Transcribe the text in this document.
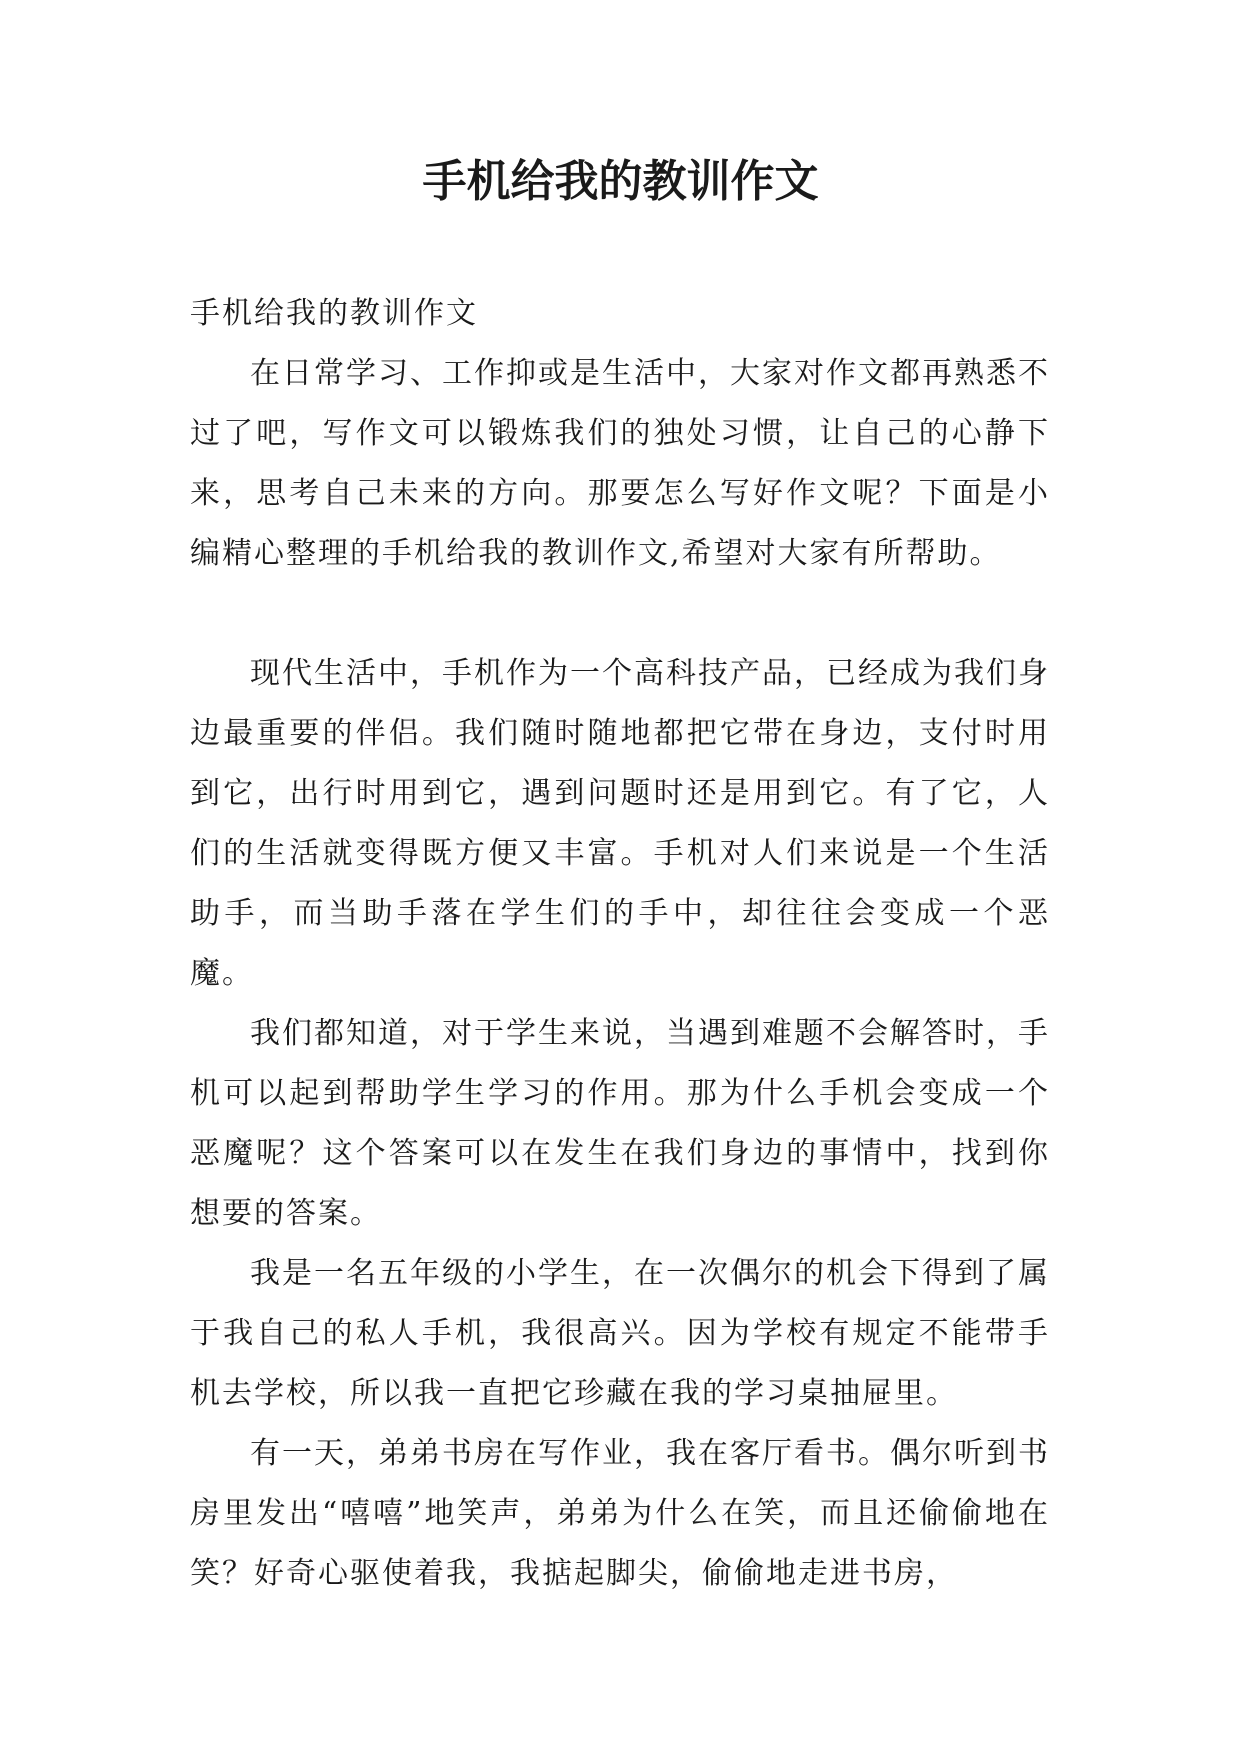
手机给我的教训作文

手机给我的教训作文

在日常学习、工作抑或是生活中，大家对作文都再熟悉不过了吧，写作文可以锻炼我们的独处习惯，让自己的心静下来，思考自己未来的方向。那要怎么写好作文呢？下面是小编精心整理的手机给我的教训作文,希望对大家有所帮助。

现代生活中，手机作为一个高科技产品，已经成为我们身边最重要的伴侣。我们随时随地都把它带在身边，支付时用到它，出行时用到它，遇到问题时还是用到它。有了它，人们的生活就变得既方便又丰富。手机对人们来说是一个生活助手，而当助手落在学生们的手中，却往往会变成一个恶魔。

我们都知道，对于学生来说，当遇到难题不会解答时，手机可以起到帮助学生学习的作用。那为什么手机会变成一个恶魔呢？这个答案可以在发生在我们身边的事情中，找到你想要的答案。

我是一名五年级的小学生，在一次偶尔的机会下得到了属于我自己的私人手机，我很高兴。因为学校有规定不能带手机去学校，所以我一直把它珍藏在我的学习桌抽屉里。

有一天，弟弟书房在写作业，我在客厅看书。偶尔听到书房里发出“嘻嘻”地笑声，弟弟为什么在笑，而且还偷偷地在笑？好奇心驱使着我，我掂起脚尖，偷偷地走进书房，
